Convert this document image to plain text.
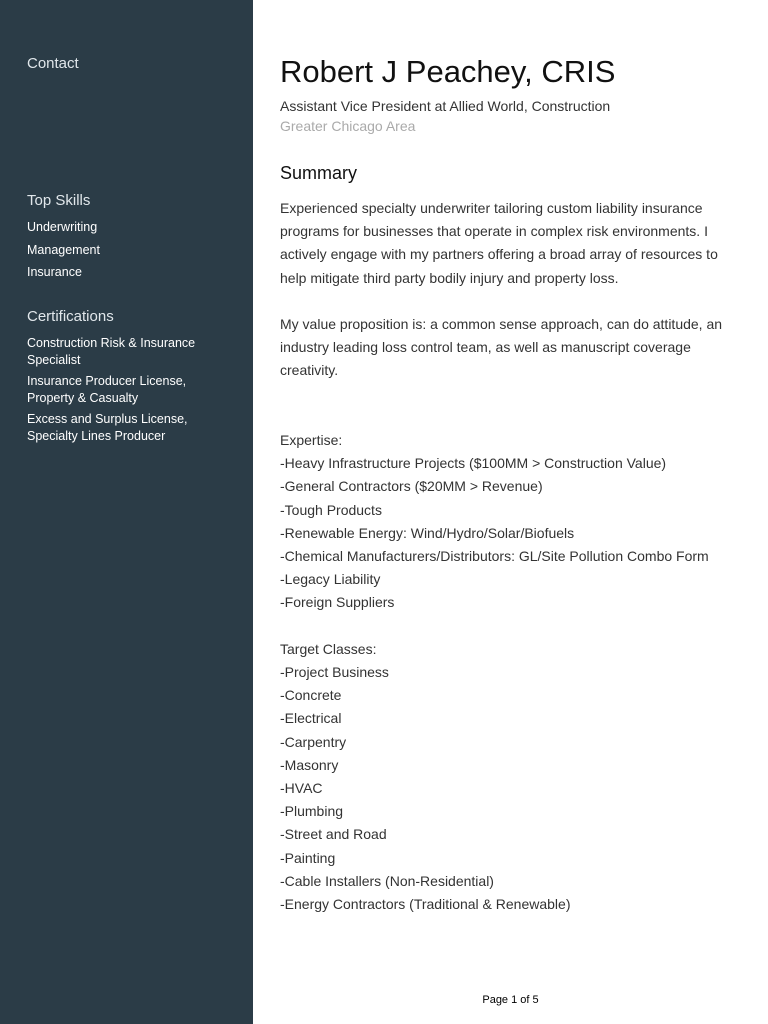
Contact
Top Skills
Underwriting
Management
Insurance
Certifications
Construction Risk & Insurance Specialist
Insurance Producer License, Property & Casualty
Excess and Surplus License, Specialty Lines Producer
Robert J Peachey, CRIS
Assistant Vice President at Allied World, Construction
Greater Chicago Area
Summary

Experienced specialty underwriter tailoring custom liability insurance programs for businesses that operate in complex risk environments. I actively engage with my partners offering a broad array of resources to help mitigate third party bodily injury and property loss.

My value proposition is: a common sense approach, can do attitude, an industry leading loss control team, as well as manuscript coverage creativity.

Expertise:

-Heavy Infrastructure Projects ($100MM > Construction Value)

-General Contractors ($20MM > Revenue)

-Tough Products

-Renewable Energy: Wind/Hydro/Solar/Biofuels

-Chemical Manufacturers/Distributors: GL/Site Pollution Combo Form

-Legacy Liability

-Foreign Suppliers

Target Classes:

-Project Business

-Concrete

-Electrical

-Carpentry

-Masonry

-HVAC

-Plumbing

-Street and Road

-Painting

-Cable Installers (Non-Residential)

-Energy Contractors (Traditional & Renewable)

Page 1 of 5
